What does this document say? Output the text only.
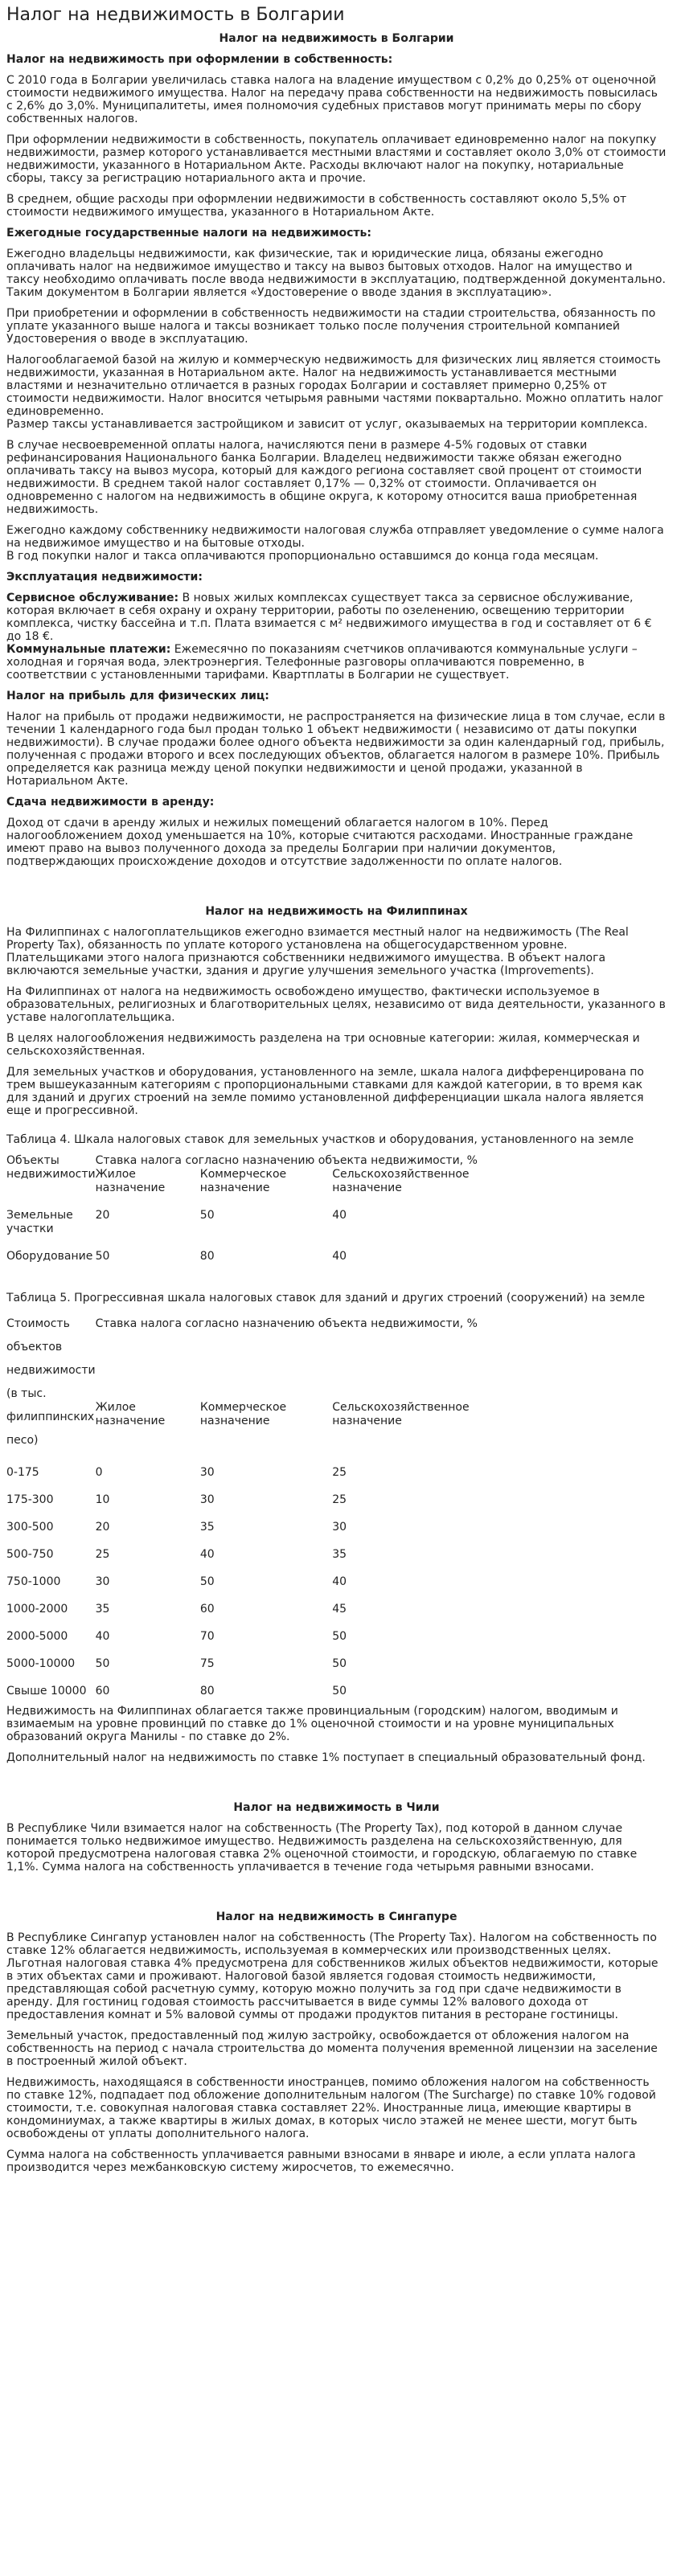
Налог на недвижимость в Болгарии
Налог на недвижимость в Болгарии
Налог на недвижимость при оформлении в собственность:

С 2010 года в Болгарии увеличилась ставка налога на владение имуществом с 0,2% до 0,25% от оценочной стоимости недвижимого имущества. Налог на передачу права собственности на недвижимость повысилась с 2,6% до 3,0%. Муниципалитеты, имея полномочия судебных приставов могут принимать меры по сбору собственных налогов.

При оформлении недвижимости в собственность, покупатель оплачивает единовременно налог на покупку недвижимости, размер которого устанавливается местными властями и составляет около 3,0% от стоимости недвижимости, указанного в Нотариальном Акте. Расходы включают налог на покупку, нотариальные сборы, таксу за регистрацию нотариального акта и прочие.

В среднем, общие расходы при оформлении недвижимости в собственность составляют около 5,5% от стоимости недвижимого имущества, указанного в Нотариальном Акте.

Ежегодные государственные налоги на недвижимость:

Ежегодно владельцы недвижимости, как физические, так и юридические лица, обязаны ежегодно оплачивать налог на недвижимое имущество и таксу на вывоз бытовых отходов. Налог на имущество и таксу необходимо оплачивать после ввода недвижимости в эксплуатацию, подтвержденной документально. Таким документом в Болгарии является «Удостоверение о вводе здания в эксплуатацию».

При приобретении и оформлении в собственность недвижимости на стадии строительства, обязанность по уплате указанного выше налога и таксы возникает только после получения строительной компанией Удостоверения о вводе в эксплуатацию.

Налогооблагаемой базой на жилую и коммерческую недвижимость для физических лиц является стоимость недвижимости, указанная в Нотариальном акте. Налог на недвижимость устанавливается местными властями и незначительно отличается в разных городах Болгарии и составляет примерно 0,25% от стоимости недвижимости. Налог вносится четырьмя равными частями поквартально. Можно оплатить налог единовременно.
Размер таксы устанавливается застройщиком и зависит от услуг, оказываемых на территории комплекса.

В случае несвоевременной оплаты налога, начисляются пени в размере 4-5% годовых от ставки рефинансирования Национального банка Болгарии. Владелец недвижимости также обязан ежегодно оплачивать таксу на вывоз мусора, который для каждого региона составляет свой процент от стоимости недвижимости. В среднем такой налог составляет 0,17% — 0,32% от стоимости. Оплачивается он одновременно с налогом на недвижимость в общине округа, к которому относится ваша приобретенная недвижимость.

Ежегодно каждому собственнику недвижимости налоговая служба отправляет уведомление о сумме налога на недвижимое имущество и на бытовые отходы.
В год покупки налог и такса оплачиваются пропорционально оставшимся до конца года месяцам.

Эксплуатация недвижимости:

Сервисное обслуживание: В новых жилых комплексах существует такса за сервисное обслуживание, которая включает в себя охрану и охрану территории, работы по озеленению, освещению территории комплекса, чистку бассейна и т.п. Плата взимается с м² недвижимого имущества в год и составляет от 6 € до 18 €.

Коммунальные платежи: Ежемесячно по показаниям счетчиков оплачиваются коммунальные услуги – холодная и горячая вода, электроэнергия. Телефонные разговоры оплачиваются повременно, в соответствии с установленными тарифами. Квартплаты в Болгарии не существует.

Налог на прибыль для физических лиц:

Налог на прибыль от продажи недвижимости, не распространяется на физические лица в том случае, если в течении 1 календарного года был продан только 1 объект недвижимости ( независимо от даты покупки недвижимости). В случае продажи более одного объекта недвижимости за один календарный год, прибыль, полученная с продажи второго и всех последующих объектов, облагается налогом в размере 10%. Прибыль определяется как разница между ценой покупки недвижимости и ценой продажи, указанной в Нотариальном Акте.

Сдача недвижимости в аренду:

Доход от сдачи в аренду жилых и нежилых помещений облагается налогом в 10%. Перед налогообложением доход уменьшается на 10%, которые считаются расходами. Иностранные граждане имеют право на вывоз полученного дохода за пределы Болгарии при наличии документов, подтверждающих происхождение доходов и отсутствие задолженности по оплате налогов.

Налог на недвижимость на Филиппинах

На Филиппинах с налогоплательщиков ежегодно взимается местный налог на недвижимость (The Real Property Tax), обязанность по уплате которого установлена на общегосударственном уровне. Плательщиками этого налога признаются собственники недвижимого имущества. В объект налога включаются земельные участки, здания и другие улучшения земельного участка (Improvements).

На Филиппинах от налога на недвижимость освобождено имущество, фактически используемое в образовательных, религиозных и благотворительных целях, независимо от вида деятельности, указанного в уставе налогоплательщика.

В целях налогообложения недвижимость разделена на три основные категории: жилая, коммерческая и сельскохозяйственная.

Для земельных участков и оборудования, установленного на земле, шкала налога дифференцирована по трем вышеуказанным категориям с пропорциональными ставками для каждой категории, в то время как для зданий и других строений на земле помимо установленной дифференциации шкала налога является еще и прогрессивной.

Таблица 4. Шкала налоговых ставок для земельных участков и оборудования, установленного на земле

Объекты недвижимости	Ставка налога согласно назначению объекта недвижимости, %		
	Жилое назначение	Коммерческое назначение	Сельскохозяйственное назначение
Земельные участки	20	50	40
Оборудование	50	80	40

Таблица 5. Прогрессивная шкала налоговых ставок для зданий и других строений (сооружений) на земле

Стоимость объектов недвижимости (в тыс. филиппинских песо)	Ставка налога согласно назначению объекта недвижимости, %		
	Жилое назначение	Коммерческое назначение	Сельскохозяйственное назначение
0-175	0	30	25
175-300	10	30	25
300-500	20	35	30
500-750	25	40	35
750-1000	30	50	40
1000-2000	35	60	45
2000-5000	40	70	50
5000-10000	50	75	50
Свыше 10000	60	80	50

Недвижимость на Филиппинах облагается также провинциальным (городским) налогом, вводимым и взимаемым на уровне провинций по ставке до 1% оценочной стоимости и на уровне муниципальных образований округа Манилы - по ставке до 2%.

Дополнительный налог на недвижимость по ставке 1% поступает в специальный образовательный фонд.

Налог на недвижимость в Чили

В Республике Чили взимается налог на собственность (The Property Tax), под которой в данном случае понимается только недвижимое имущество. Недвижимость разделена на сельскохозяйственную, для которой предусмотрена налоговая ставка 2% оценочной стоимости, и городскую, облагаемую по ставке 1,1%. Сумма налога на собственность уплачивается в течение года четырьмя равными взносами.

Налог на недвижимость в Сингапуре

В Республике Сингапур установлен налог на собственность (The Property Tax). Налогом на собственность по ставке 12% облагается недвижимость, используемая в коммерческих или производственных целях. Льготная налоговая ставка 4% предусмотрена для собственников жилых объектов недвижимости, которые в этих объектах сами и проживают. Налоговой базой является годовая стоимость недвижимости, представляющая собой расчетную сумму, которую можно получить за год при сдаче недвижимости в аренду. Для гостиниц годовая стоимость рассчитывается в виде суммы 12% валового дохода от предоставления комнат и 5% валовой суммы от продажи продуктов питания в ресторане гостиницы.

Земельный участок, предоставленный под жилую застройку, освобождается от обложения налогом на собственность на период с начала строительства до момента получения временной лицензии на заселение в построенный жилой объект.

Недвижимость, находящаяся в собственности иностранцев, помимо обложения налогом на собственность по ставке 12%, подпадает под обложение дополнительным налогом (The Surcharge) по ставке 10% годовой стоимости, т.е. совокупная налоговая ставка составляет 22%. Иностранные лица, имеющие квартиры в кондоминиумах, а также квартиры в жилых домах, в которых число этажей не менее шести, могут быть освобождены от уплаты дополнительного налога.

Сумма налога на собственность уплачивается равными взносами в январе и июле, а если уплата налога производится через межбанковскую систему жиросчетов, то ежемесячно.
